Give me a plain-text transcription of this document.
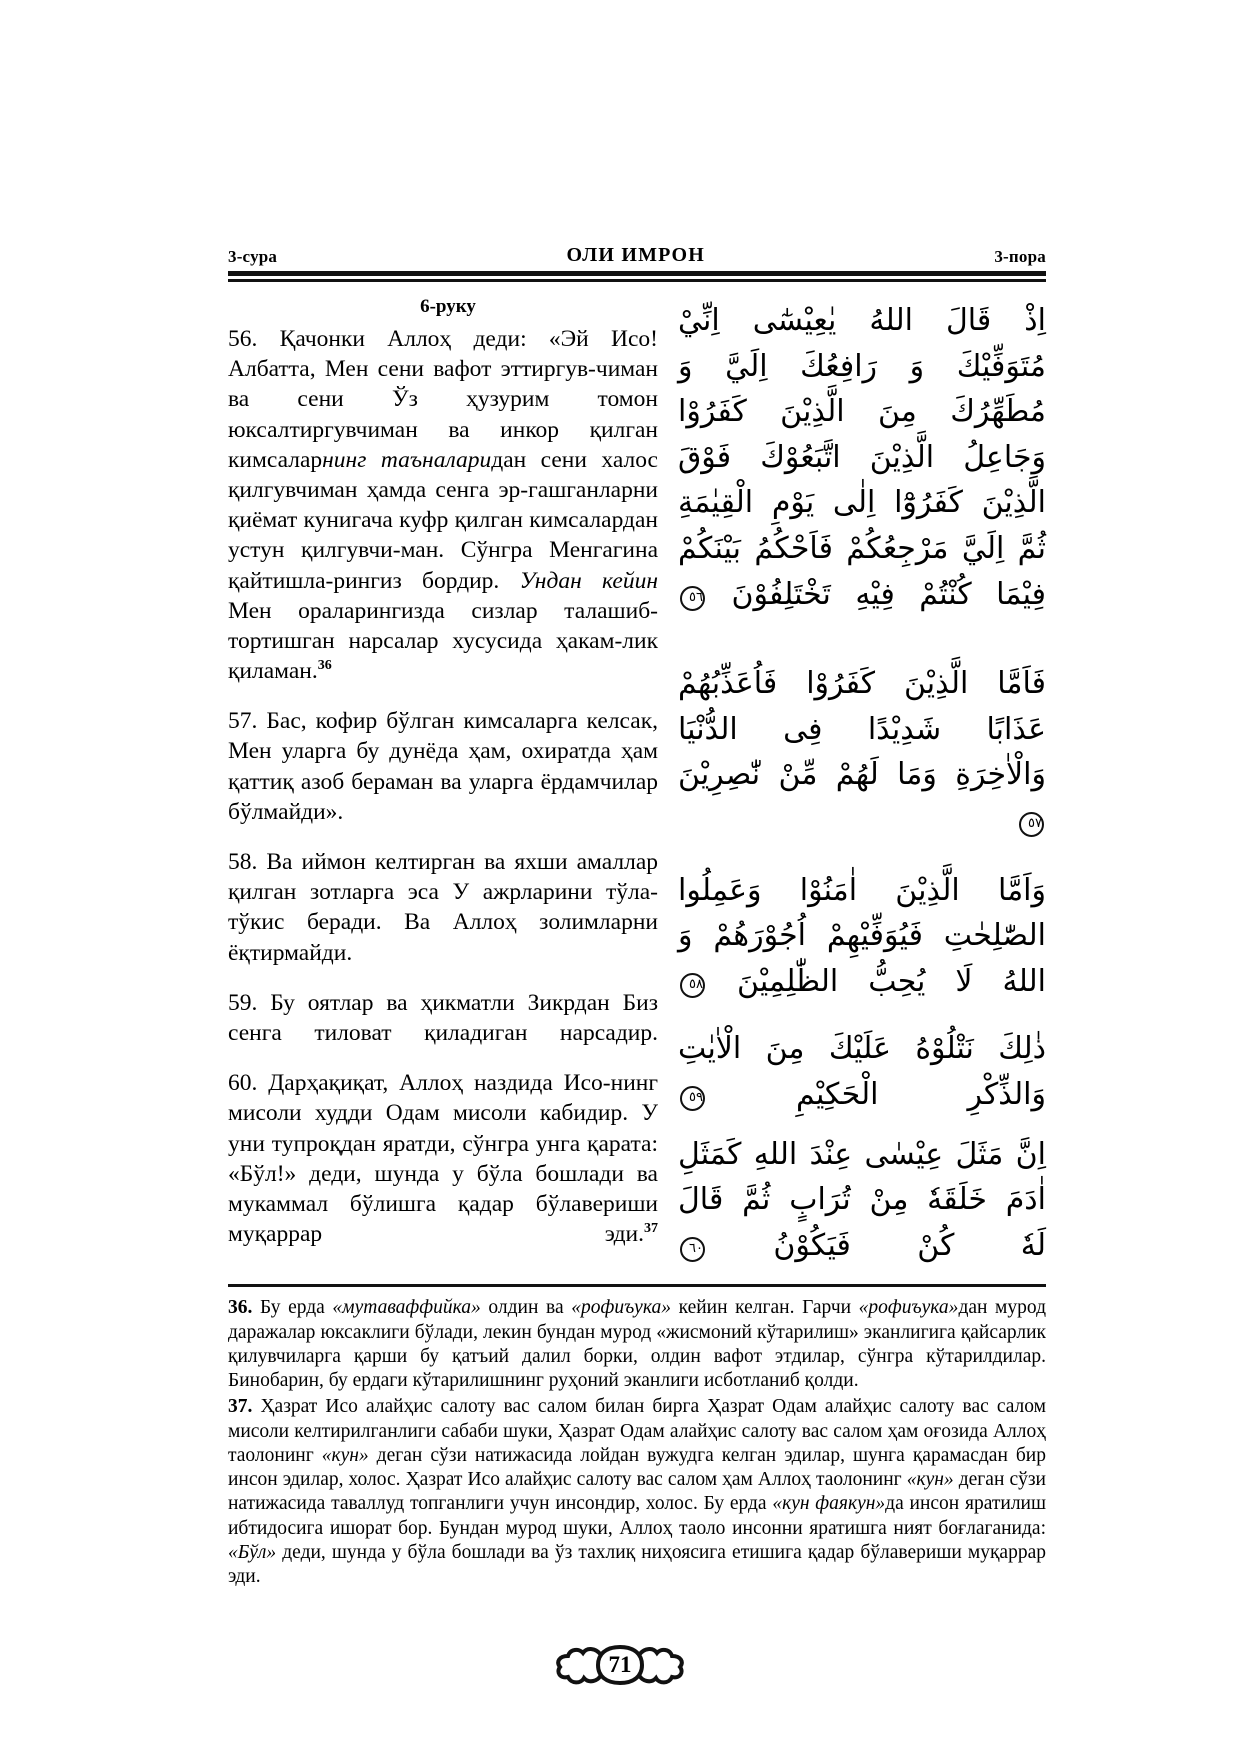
3-сура	ОЛИ ИМРОН	3-пора
6-руку

56. Қачонки Аллоҳ деди: «Эй Исо! Албатта, Мен сени вафот эттиргув-чиман ва сени Ўз ҳузурим томон юксалтиргувчиман ва инкор қилган кимсаларнинг таъналаридан сени халос қилгувчиман ҳамда сенга эр-гашганларни қиёмат кунигача куфр қилган кимсалардан устун қилгувчи-ман. Сўнгра Менгагина қайтишла-рингиз бордир. Ундан кейин Мен ораларингизда сизлар талашиб-тортишган нарсалар хусусида ҳакам-лик қиламан.$^{36}$

57. Бас, кофир бўлган кимсаларга келсак, Мен уларга бу дунёда ҳам, охиратда ҳам қаттиқ азоб бераман ва уларга ёрдамчилар бўлмайди».

58. Ва иймон келтирган ва яхши амаллар қилган зотларга эса У ажрларини тўла-тўкис беради. Ва Аллоҳ золимларни ёқтирмайди.

59. Бу оятлар ва ҳикматли Зикрдан Биз сенга тиловат қиладиган нарсадир.

60. Дарҳақиқат, Аллоҳ наздида Исо-нинг мисоли худди Одам мисоли кабидир. У уни тупроқдан яратди, сўнгра унга қарата: «Бўл!» деди, шунда у бўла бошлади ва мукаммал бўлишга қадар бўлавериши муқаррар эди.$^{37}$

اِذْ قَالَ اللهُ يٰعِيْسٰٓى اِنِّيْ مُتَوَفِّيْكَ وَ رَافِعُكَ اِلَيَّ وَ مُطَهِّرُكَ مِنَ الَّذِيْنَ كَفَرُوْا وَجَاعِلُ الَّذِيْنَ اتَّبَعُوْكَ فَوْقَ الَّذِيْنَ كَفَرُوْٓا اِلٰى يَوْمِ الْقِيٰمَةِ ثُمَّ اِلَيَّ مَرْجِعُكُمْ فَاَحْكُمُ بَيْنَكُمْ فِيْمَا كُنْتُمْ فِيْهِ تَخْتَلِفُوْنَ ٥٦
فَاَمَّا الَّذِيْنَ كَفَرُوْا فَاُعَذِّبُهُمْ عَذَابًا شَدِيْدًا فِى الدُّنْيَا وَالْاٰخِرَةِ وَمَا لَهُمْ مِّنْ نّٰصِرِيْنَ ٥٧
وَاَمَّا الَّذِيْنَ اٰمَنُوْا وَعَمِلُوا الصّٰلِحٰتِ فَيُوَفِّيْهِمْ اُجُوْرَهُمْ وَ اللهُ لَا يُحِبُّ الظّٰلِمِيْنَ ٥٨
ذٰلِكَ نَتْلُوْهُ عَلَيْكَ مِنَ الْاٰيٰتِ وَالذِّكْرِ الْحَكِيْمِ ٥٩
اِنَّ مَثَلَ عِيْسٰى عِنْدَ اللهِ كَمَثَلِ اٰدَمَ خَلَقَهٗ مِنْ تُرَابٍ ثُمَّ قَالَ لَهٗ كُنْ فَيَكُوْنُ ٦٠

36. Бу ерда «мутаваффийка» олдин ва «рофиъука» кейин келган. Гарчи «рофиъука»дан мурод даражалар юксаклиги бўлади, лекин бундан мурод «жисмоний кўтарилиш» эканлигига қайсарлик қилувчиларга қарши бу қатъий далил борки, олдин вафот этдилар, сўнгра кўтарилдилар. Бинобарин, бу ердаги кўтарилишнинг руҳоний эканлиги исботланиб қолди.

37. Ҳазрат Исо алайҳис салоту вас салом билан бирга Ҳазрат Одам алайҳис салоту вас салом мисоли келтирилганлиги сабаби шуки, Ҳазрат Одам алайҳис салоту вас салом ҳам оғозида Аллоҳ таолонинг «кун» деган сўзи натижасида лойдан вужудга келган эдилар, шунга қарамасдан бир инсон эдилар, холос. Ҳазрат Исо алайҳис салоту вас салом ҳам Аллоҳ таолонинг «кун» деган сўзи натижасида таваллуд топганлиги учун инсондир, холос. Бу ерда «кун фаякун»да инсон яратилиш ибтидосига ишорат бор. Бундан мурод шуки, Аллоҳ таоло инсонни яратишга ният боғлаганида: «Бўл» деди, шунда у бўла бошлади ва ўз тахлиқ ниҳоясига етишига қадар бўлавериши муқаррар эди.

71
